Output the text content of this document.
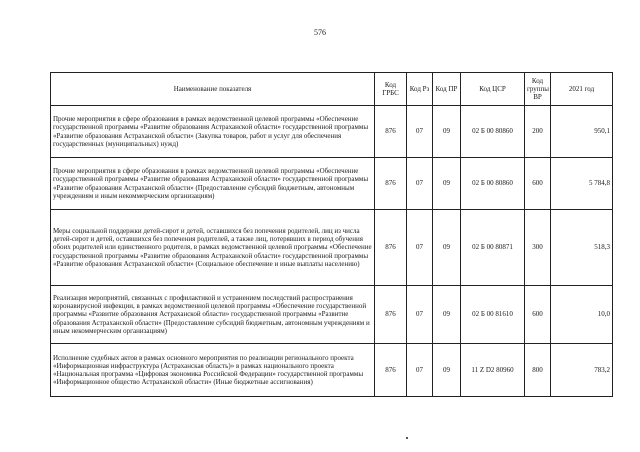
576
Наименование показателя	Код ГРБС	Код Рз	Код ПР	Код ЦСР	Код группы ВР	2021 год
Прочие мероприятия в сфере образования в рамках ведомственной целевой программы «Обеспечение государственной программы «Развитие образования Астраханской области» государственной программы «Развитие образования Астраханской области» (Закупка товаров, работ и услуг для обеспечения государственных (муниципальных) нужд)	876	07	09	02 Б 00 80860	200	950,1
Прочие мероприятия в сфере образования в рамках ведомственной целевой программы «Обеспечение государственной программы «Развитие образования Астраханской области» государственной программы «Развитие образования Астраханской области» (Предоставление субсидий бюджетным, автономным учреждениям и иным некоммерческим организациям)	876	07	09	02 Б 00 80860	600	5 784,8
Меры социальной поддержки детей-сирот и детей, оставшихся без попечения родителей, лиц из числа детей-сирот и детей, оставшихся без попечения родителей, а также лиц, потерявших в период обучения обоих родителей или единственного родителя, в рамках ведомственной целевой программы «Обеспечение государственной программы «Развитие образования Астраханской области» государственной программы «Развитие образования Астраханской области» (Социальное обеспечение и иные выплаты населению)	876	07	09	02 Б 00 80871	300	518,3
Реализация мероприятий, связанных с профилактикой и устранением последствий распространения коронавирусной инфекции, в рамках ведомственной целевой программы «Обеспечение государственной программы «Развитие образования Астраханской области» государственной программы «Развитие образования Астраханской области» (Предоставление субсидий бюджетным, автономным учреждениям и иным некоммерческим организациям)	876	07	09	02 Б 00 81610	600	10,0
Исполнение судебных актов в рамках основного мероприятия по реализации регионального проекта «Информационная инфраструктура (Астраханская область)» в рамках национального проекта «Национальная программа «Цифровая экономика Российской Федерации» государственной программы «Информационное общество Астраханской области» (Иные бюджетные ассигнования)	876	07	09	11 Z D2 80960	800	783,2
